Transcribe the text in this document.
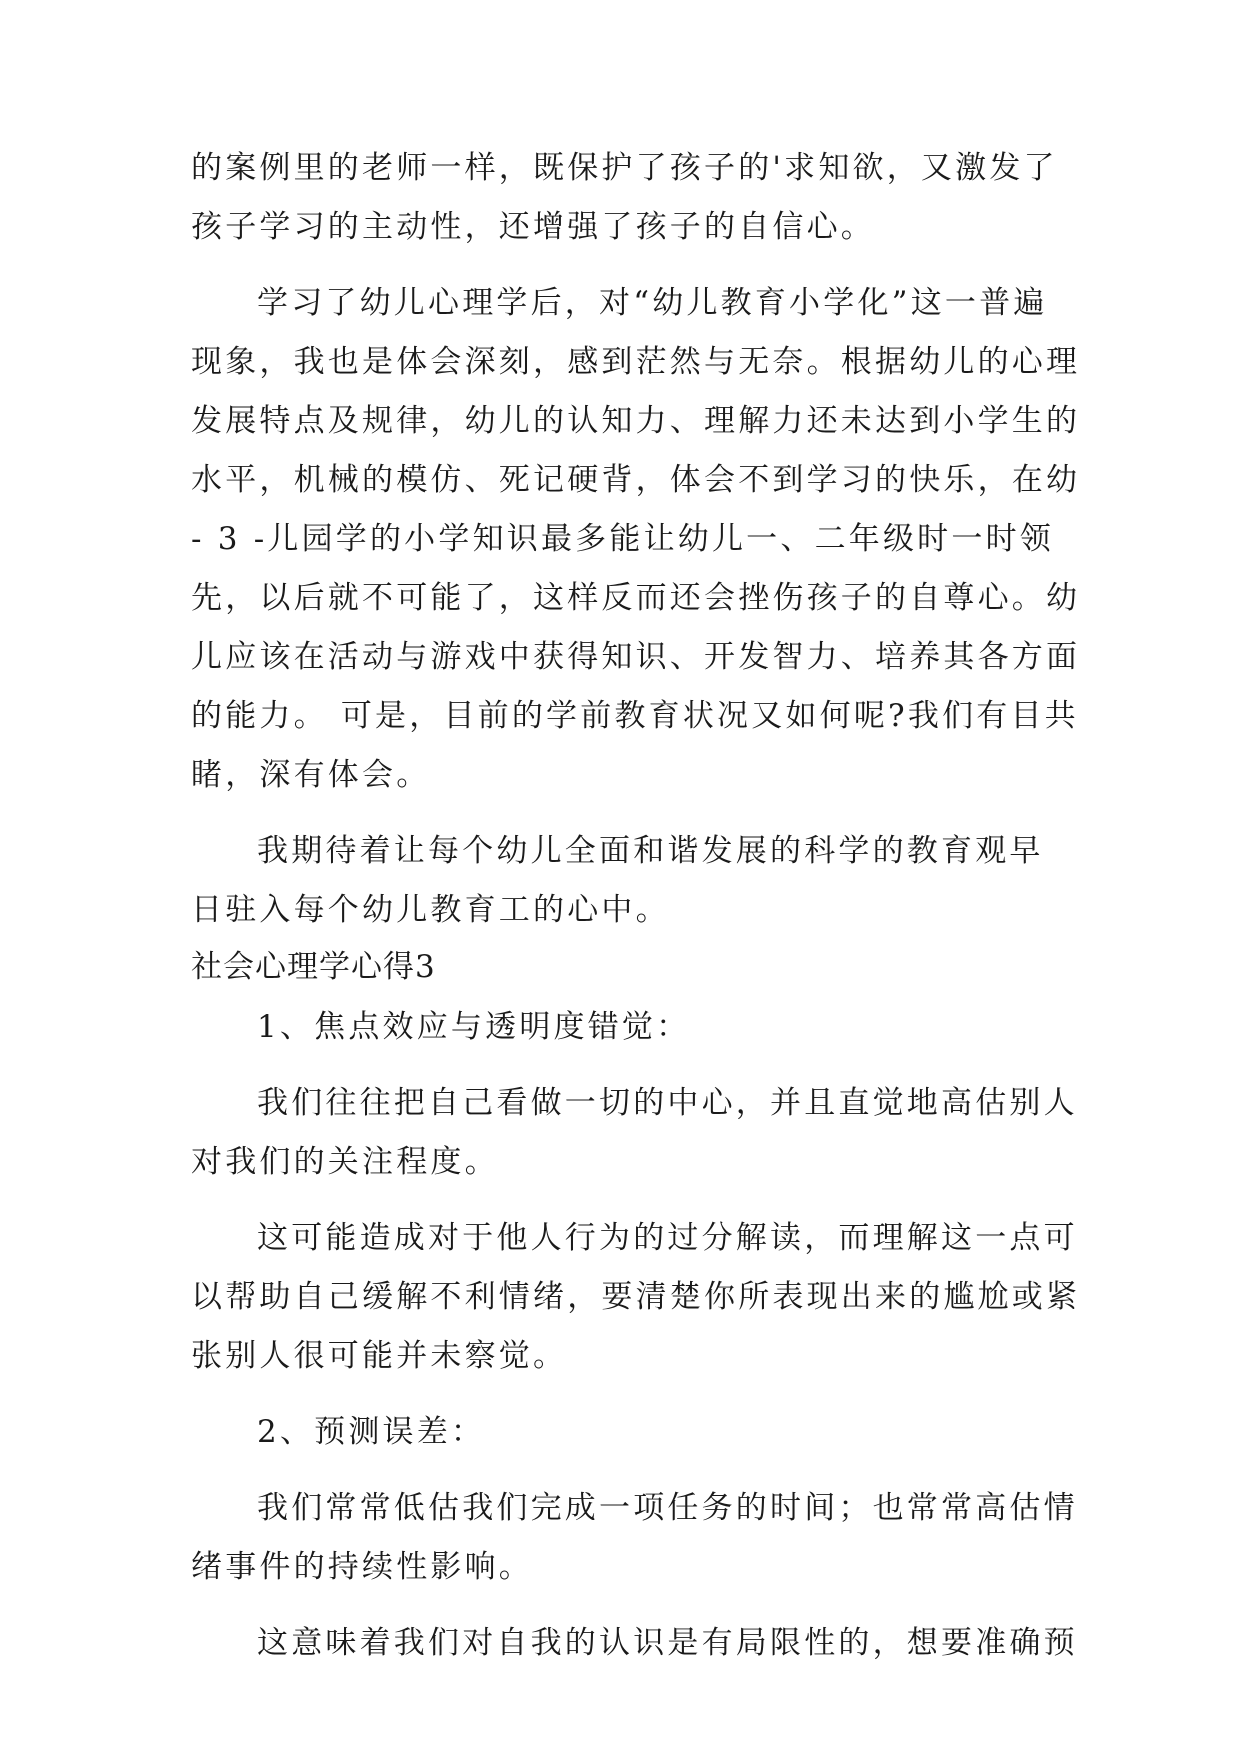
的案例里的老师一样，既保护了孩子的'求知欲，又激发了
孩子学习的主动性，还增强了孩子的自信心。
学习了幼儿心理学后，对“幼儿教育小学化”这一普遍
现象，我也是体会深刻，感到茫然与无奈。根据幼儿的心理
发展特点及规律，幼儿的认知力、理解力还未达到小学生的
水平，机械的模仿、死记硬背，体会不到学习的快乐，在幼
- 3 -儿园学的小学知识最多能让幼儿一、二年级时一时领
先，以后就不可能了，这样反而还会挫伤孩子的自尊心。幼
儿应该在活动与游戏中获得知识、开发智力、培养其各方面
的能力。 可是，目前的学前教育状况又如何呢?我们有目共
睹，深有体会。
我期待着让每个幼儿全面和谐发展的科学的教育观早
日驻入每个幼儿教育工的心中。
社会心理学心得3
1、焦点效应与透明度错觉：
我们往往把自己看做一切的中心，并且直觉地高估别人
对我们的关注程度。
这可能造成对于他人行为的过分解读，而理解这一点可
以帮助自己缓解不利情绪，要清楚你所表现出来的尴尬或紧
张别人很可能并未察觉。
2、预测误差：
我们常常低估我们完成一项任务的时间；也常常高估情
绪事件的持续性影响。
这意味着我们对自我的认识是有局限性的，想要准确预
